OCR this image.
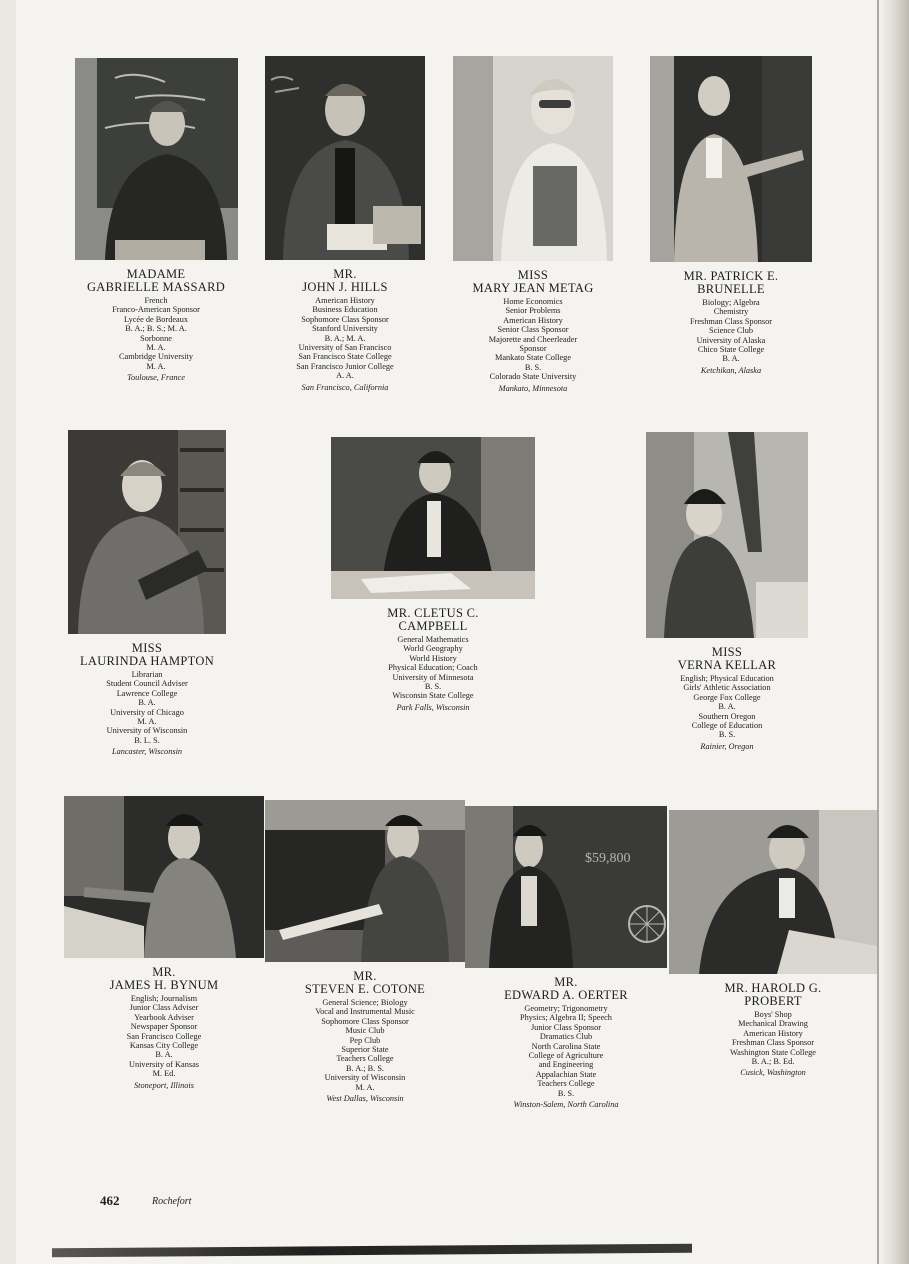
MADAME
GABRIELLE MASSARD
French
Franco-American Sponsor
Lycée de Bordeaux
B. A.; B. S.; M. A.
Sorbonne
M. A.
Cambridge University
M. A.
Toulouse, France
MR.
JOHN J. HILLS
American History
Business Education
Sophomore Class Sponsor
Stanford University
B. A.; M. A.
University of San Francisco
San Francisco State College
San Francisco Junior College
A. A.
San Francisco, California
MISS
MARY JEAN METAG
Home Economics
Senior Problems
American History
Senior Class Sponsor
Majorette and Cheerleader
Sponsor
Mankato State College
B. S.
Colorado State University
Mankato, Minnesota
MR. PATRICK E.
BRUNELLE
Biology; Algebra
Chemistry
Freshman Class Sponsor
Science Club
University of Alaska
Chico State College
B. A.
Ketchikan, Alaska
MISS
LAURINDA HAMPTON
Librarian
Student Council Adviser
Lawrence College
B. A.
University of Chicago
M. A.
University of Wisconsin
B. L. S.
Lancaster, Wisconsin
MR. CLETUS C.
CAMPBELL
General Mathematics
World Geography
World History
Physical Education; Coach
University of Minnesota
B. S.
Wisconsin State College
Park Falls, Wisconsin
MISS
VERNA KELLAR
English; Physical Education
Girls' Athletic Association
George Fox College
B. A.
Southern Oregon
College of Education
B. S.
Rainier, Oregon
MR.
JAMES H. BYNUM
English; Journalism
Junior Class Adviser
Yearbook Adviser
Newspaper Sponsor
San Francisco College
Kansas City College
B. A.
University of Kansas
M. Ed.
Stoneport, Illinois
MR.
STEVEN E. COTONE
General Science; Biology
Vocal and Instrumental Music
Sophomore Class Sponsor
Music Club
Pep Club
Superior State
Teachers College
B. A.; B. S.
University of Wisconsin
M. A.
West Dallas, Wisconsin
$59,800
MR.
EDWARD A. OERTER
Geometry; Trigonometry
Physics; Algebra II; Speech
Junior Class Sponsor
Dramatics Club
North Carolina State
College of Agriculture
and Engineering
Appalachian State
Teachers College
B. S.
Winston-Salem, North Carolina
MR. HAROLD G.
PROBERT
Boys' Shop
Mechanical Drawing
American History
Freshman Class Sponsor
Washington State College
B. A.; B. Ed.
Cusick, Washington
462	Rochefort
